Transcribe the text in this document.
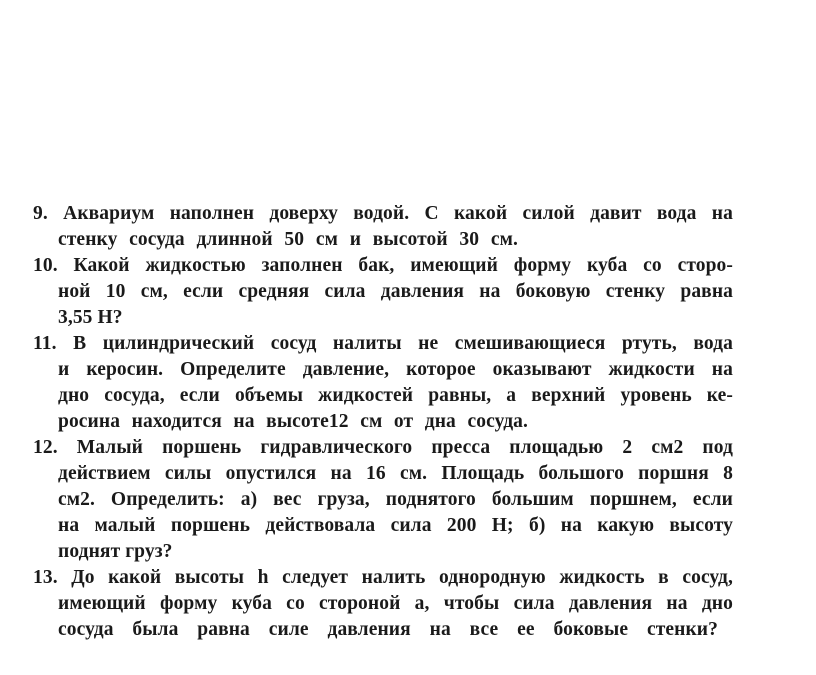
9. Аквариум наполнен доверху водой. С какой силой давит вода на
стенку сосуда длинной 50 см и высотой 30 см.
10. Какой жидкостью заполнен бак, имеющий форму куба со сторо-
ной 10 см, если средняя сила давления на боковую стенку равна
3,55 Н?
11. В цилиндрический сосуд налиты не смешивающиеся ртуть, вода
и керосин. Определите давление, которое оказывают жидкости на
дно сосуда, если объемы жидкостей равны, а верхний уровень ке-
росина находится на высоте12 см от дна сосуда.
12. Малый поршень гидравлического пресса площадью 2 см2 под
действием силы опустился на 16 см. Площадь большого поршня 8
см2. Определить: а) вес груза, поднятого большим поршнем, если
на малый поршень действовала сила 200 Н; б) на какую высоту
поднят груз?
13. До какой высоты h следует налить однородную жидкость в сосуд,
имеющий форму куба со стороной а, чтобы сила давления на дно
сосуда была равна силе давления на все ее боковые стенки?
